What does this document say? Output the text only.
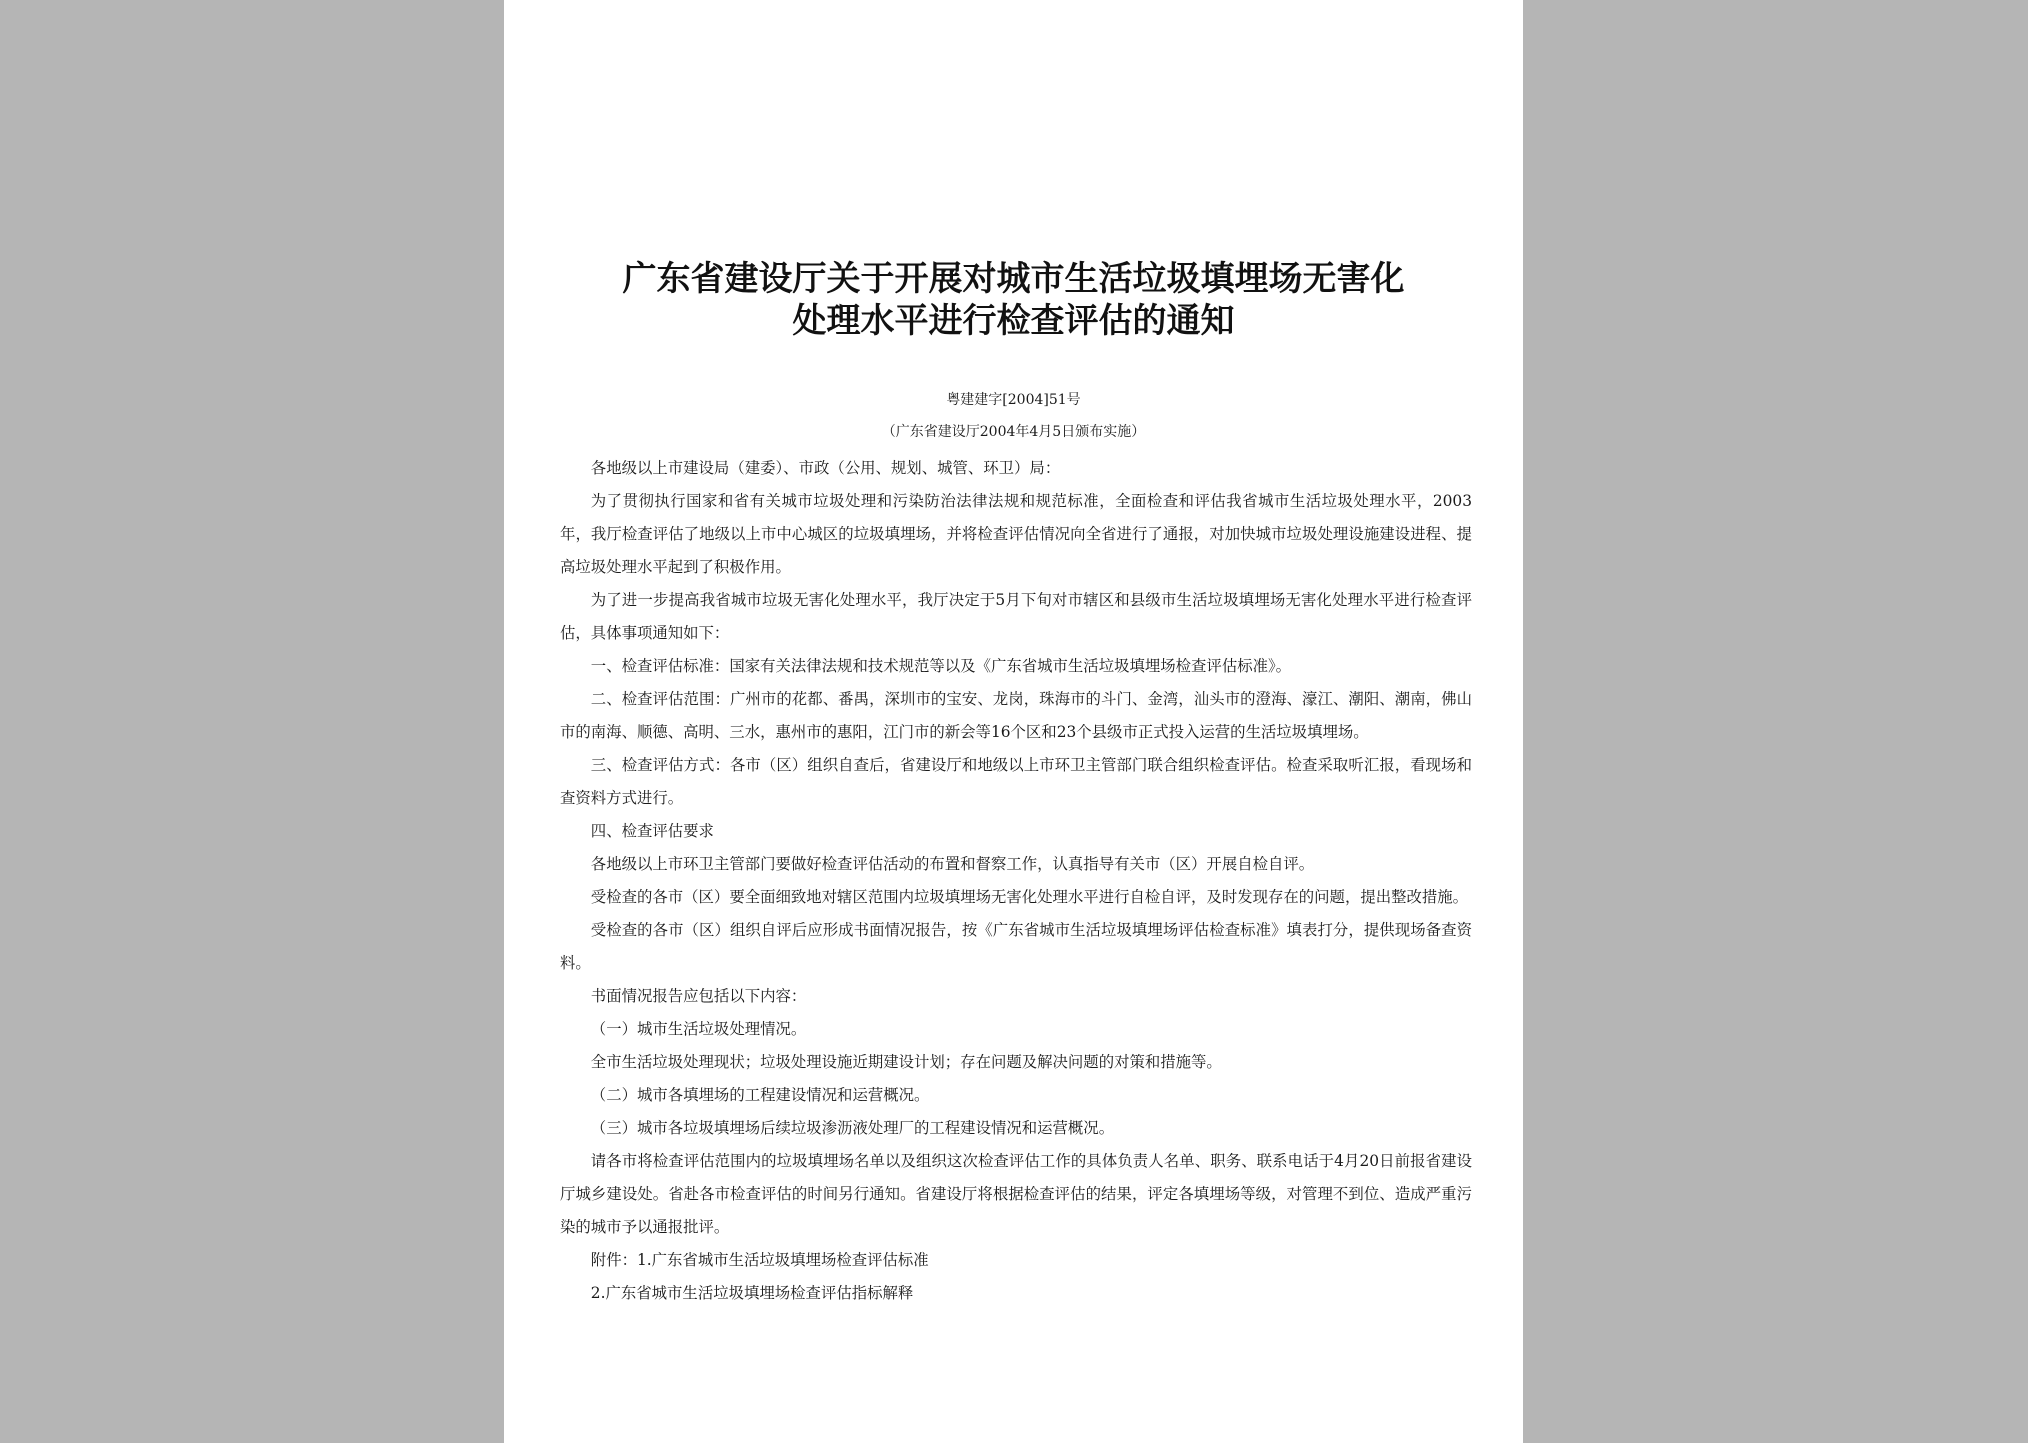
广东省建设厅关于开展对城市生活垃圾填埋场无害化
处理水平进行检查评估的通知

粤建建字[2004]51号

（广东省建设厅2004年4月5日颁布实施）

各地级以上市建设局（建委）、市政（公用、规划、城管、环卫）局：

为了贯彻执行国家和省有关城市垃圾处理和污染防治法律法规和规范标准，全面检查和评估我省城市生活垃圾处理水平，2003年，我厅检查评估了地级以上市中心城区的垃圾填埋场，并将检查评估情况向全省进行了通报，对加快城市垃圾处理设施建设进程、提高垃圾处理水平起到了积极作用。

为了进一步提高我省城市垃圾无害化处理水平，我厅决定于5月下旬对市辖区和县级市生活垃圾填埋场无害化处理水平进行检查评估，具体事项通知如下：

一、检查评估标准：国家有关法律法规和技术规范等以及《广东省城市生活垃圾填埋场检查评估标准》。

二、检查评估范围：广州市的花都、番禺，深圳市的宝安、龙岗，珠海市的斗门、金湾，汕头市的澄海、濠江、潮阳、潮南，佛山市的南海、顺德、高明、三水，惠州市的惠阳，江门市的新会等16个区和23个县级市正式投入运营的生活垃圾填埋场。

三、检查评估方式：各市（区）组织自查后，省建设厅和地级以上市环卫主管部门联合组织检查评估。检查采取听汇报，看现场和查资料方式进行。

四、检查评估要求

各地级以上市环卫主管部门要做好检查评估活动的布置和督察工作，认真指导有关市（区）开展自检自评。

受检查的各市（区）要全面细致地对辖区范围内垃圾填埋场无害化处理水平进行自检自评，及时发现存在的问题，提出整改措施。

受检查的各市（区）组织自评后应形成书面情况报告，按《广东省城市生活垃圾填埋场评估检查标准》填表打分，提供现场备查资料。

书面情况报告应包括以下内容：

（一）城市生活垃圾处理情况。

全市生活垃圾处理现状；垃圾处理设施近期建设计划；存在问题及解决问题的对策和措施等。

（二）城市各填埋场的工程建设情况和运营概况。

（三）城市各垃圾填埋场后续垃圾渗沥液处理厂的工程建设情况和运营概况。

请各市将检查评估范围内的垃圾填埋场名单以及组织这次检查评估工作的具体负责人名单、职务、联系电话于4月20日前报省建设厅城乡建设处。省赴各市检查评估的时间另行通知。省建设厅将根据检查评估的结果，评定各填埋场等级，对管理不到位、造成严重污染的城市予以通报批评。

附件：1.广东省城市生活垃圾填埋场检查评估标准

2.广东省城市生活垃圾填埋场检查评估指标解释
